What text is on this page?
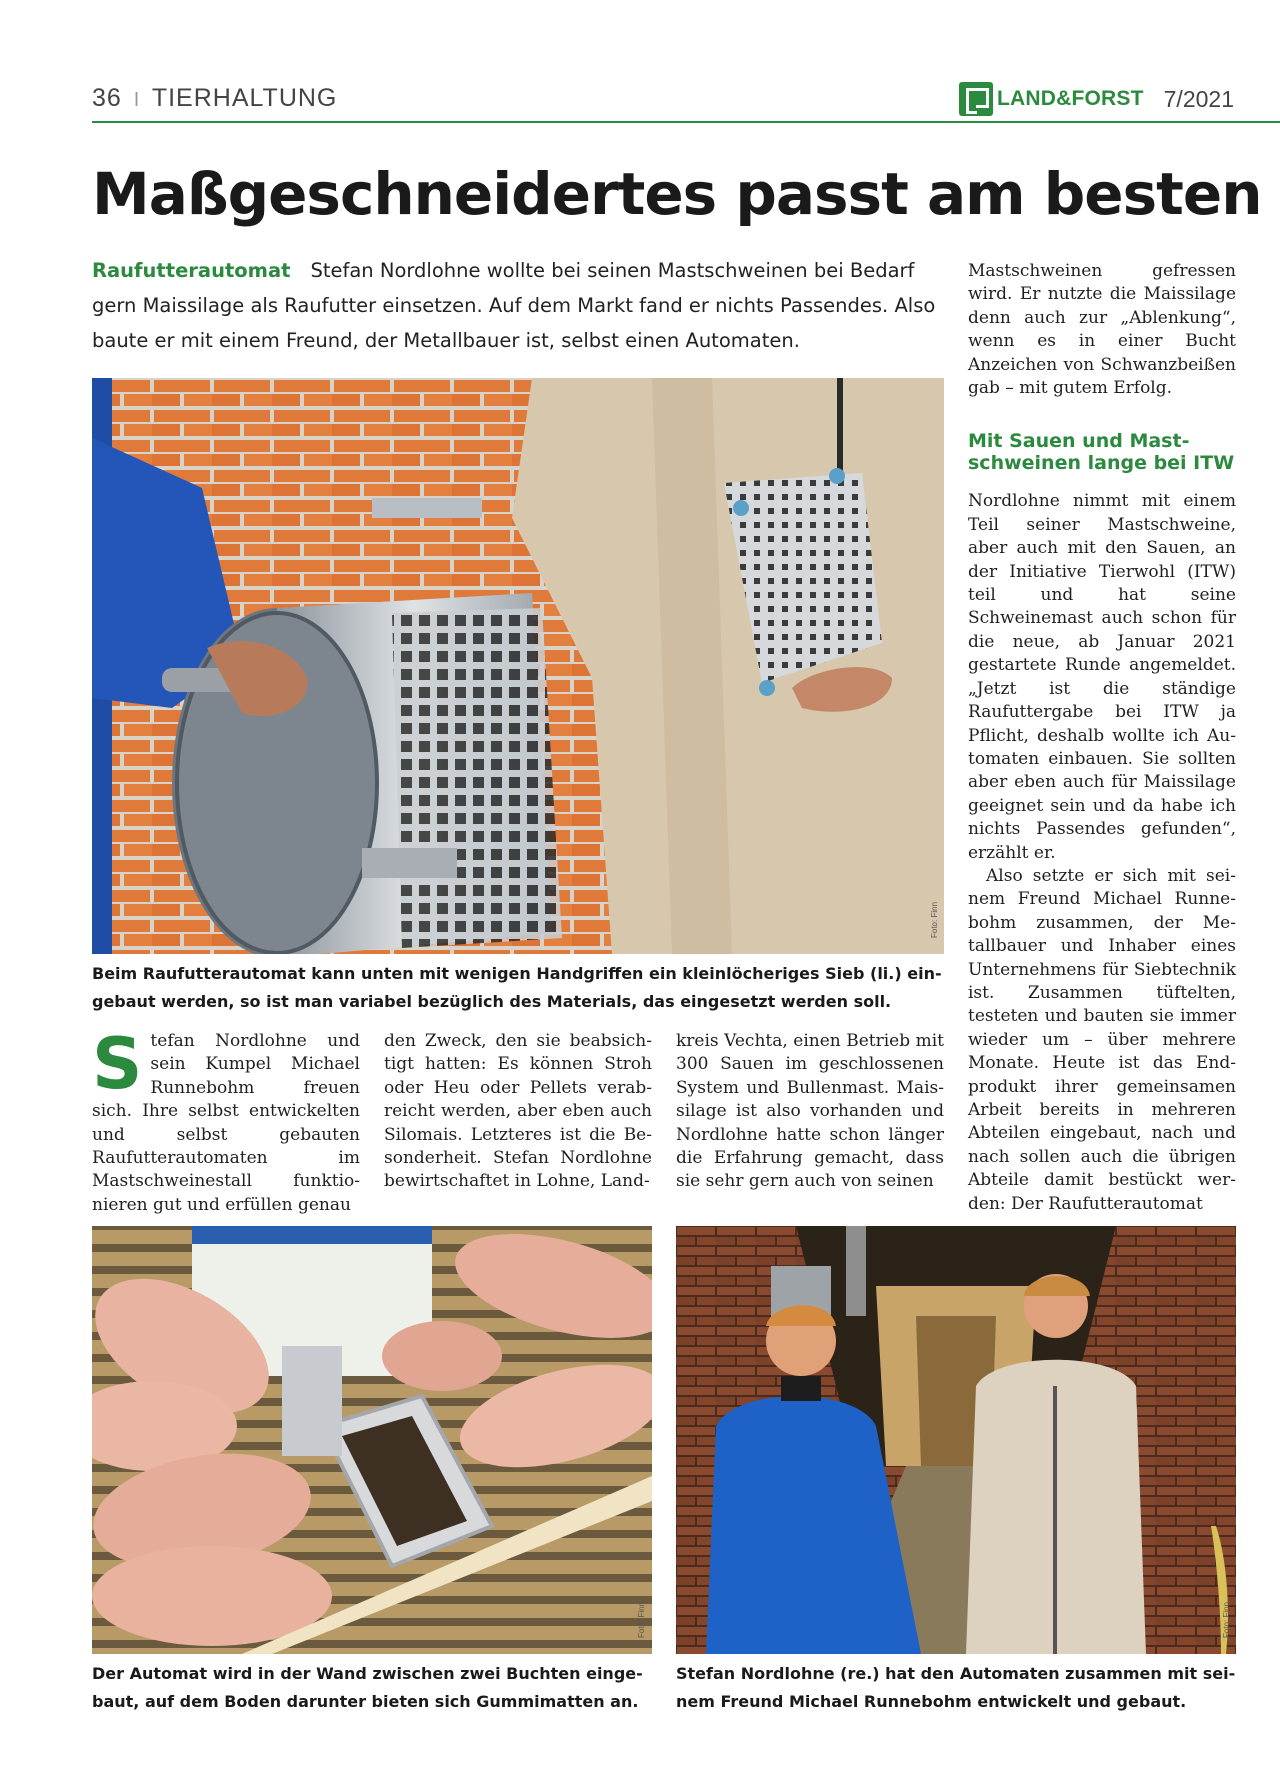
36 I TIERHALTUNG	LAND&FORST 7/2021
Maßgeschneidertes passt am besten
Raufutterautomat Stefan Nordlohne wollte bei seinen Mastschweinen bei Bedarf gern Maissilage als Raufutter einsetzen. Auf dem Markt fand er nichts Passendes. Also baute er mit einem Freund, der Metallbauer ist, selbst einen Automaten.
Foto: Finn
Beim Raufutterautomat kann unten mit wenigen Handgriffen ein kleinlöcheriges Sieb (li.) eingebaut werden, so ist man variabel bezüglich des Materials, das eingesetzt werden soll.

Stefan Nordlohne und sein Kumpel Michael Runnebohm freuen sich. Ihre selbst entwickelten und selbst gebauten Raufutterautomaten im Mastschweinestall funktionieren gut und erfüllen genau

den Zweck, den sie beabsichtigt hatten: Es können Stroh oder Heu oder Pellets verabreicht werden, aber eben auch Silomais. Letzteres ist die Besonderheit. Stefan Nordlohne bewirtschaftet in Lohne, Land-

kreis Vechta, einen Betrieb mit 300 Sauen im geschlossenen System und Bullenmast. Maissilage ist also vorhanden und Nordlohne hatte schon länger die Erfahrung gemacht, dass sie sehr gern auch von seinen

Mastschweinen gefressen wird. Er nutzte die Maissilage denn auch zur „Ablenkung“, wenn es in einer Bucht Anzeichen von Schwanzbeißen gab – mit gutem Erfolg.

Mit Sauen und Mastschweinen lange bei ITW

Nordlohne nimmt mit einem Teil seiner Mastschweine, aber auch mit den Sauen, an der Initiative Tierwohl (ITW) teil und hat seine Schweinemast auch schon für die neue, ab Januar 2021 gestartete Runde angemeldet. „Jetzt ist die ständige Raufuttergabe bei ITW ja Pflicht, deshalb wollte ich Automaten einbauen. Sie sollten aber eben auch für Maissilage geeignet sein und da habe ich nichts Passendes gefunden“, erzählt er.

Also setzte er sich mit seinem Freund Michael Runnebohm zusammen, der Metallbauer und Inhaber eines Unternehmens für Siebtechnik ist. Zusammen tüftelten, testeten und bauten sie immer wieder um – über mehrere Monate. Heute ist das Endprodukt ihrer gemeinsamen Arbeit bereits in mehreren Abteilen eingebaut, nach und nach sollen auch die übrigen Abteile damit bestückt werden: Der Raufutterautomat

Foto: Finn
Der Automat wird in der Wand zwischen zwei Buchten eingebaut, auf dem Boden darunter bieten sich Gummimatten an.
Foto: Finn
Stefan Nordlohne (re.) hat den Automaten zusammen mit seinem Freund Michael Runnebohm entwickelt und gebaut.
